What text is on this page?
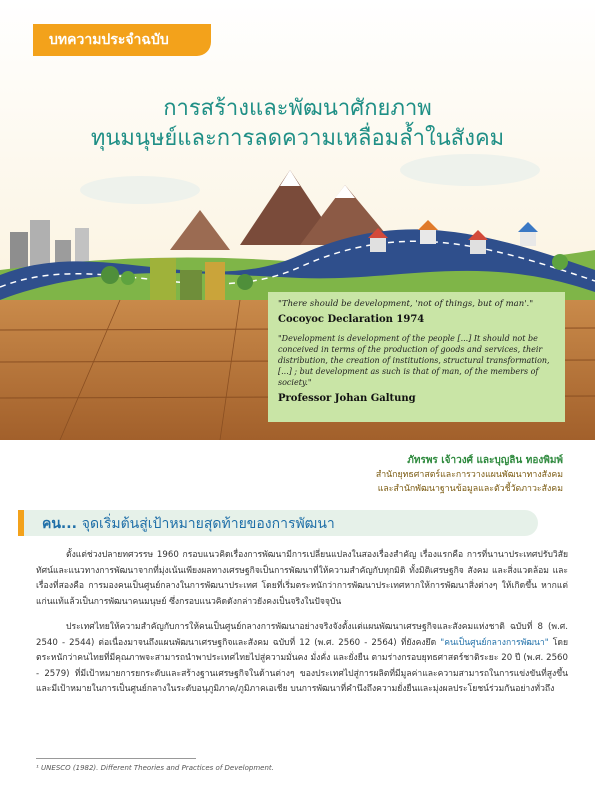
บทความประจำฉบับ
การสร้างและพัฒนาศักยภาพ
ทุนมนุษย์และการลดความเหลื่อมล้ำในสังคม

"There should be development, 'not of things, but of man'."

Cocoyoc Declaration 1974

"Development is development of the people [...] It should not be conceived in terms of the production of goods and services, their distribution, the creation of institutions, structural transformation, [...] ; but development as such is that of man, of the members of society."

Professor Johan Galtung

ภัทรพร เจ้าวงศ์ และบุญลิน ทองพิมพ์
สำนักยุทธศาสตร์และการวางแผนพัฒนาทางสังคม
และสำนักพัฒนาฐานข้อมูลและตัวชี้วัดภาวะสังคม
คน... จุดเริ่มต้นสู่เป้าหมายสุดท้ายของการพัฒนา

ตั้งแต่ช่วงปลายทศวรรษ 1960 กรอบแนวคิดเรื่องการพัฒนามีการเปลี่ยนแปลงในสองเรื่องสำคัญ เรื่องแรกคือ การที่นานาประเทศปรับวิสัยทัศน์และแนวทางการพัฒนาจากที่มุ่งเน้นเพียงผลทางเศรษฐกิจเป็นการพัฒนาที่ให้ความสำคัญกับทุกมิติ ทั้งมิติเศรษฐกิจ สังคม และสิ่งแวดล้อม และเรื่องที่สองคือ การมองคนเป็นศูนย์กลางในการพัฒนาประเทศ โดยที่เริ่มตระหนักว่าการพัฒนาประเทศหากให้การพัฒนาสิ่งต่างๆ ให้เกิดขึ้น หากแต่แก่นแท้แล้วเป็นการพัฒนาคนมนุษย์ ซึ่งกรอบแนวคิดดังกล่าวยังคงเป็นจริงในปัจจุบัน

ประเทศไทยให้ความสำคัญกับการให้คนเป็นศูนย์กลางการพัฒนาอย่างจริงจังตั้งแต่แผนพัฒนาเศรษฐกิจและสังคมแห่งชาติ ฉบับที่ 8 (พ.ศ. 2540 - 2544) ต่อเนื่องมาจนถึงแผนพัฒนาเศรษฐกิจและสังคม ฉบับที่ 12 (พ.ศ. 2560 - 2564) ที่ยังคงยึด "คนเป็นศูนย์กลางการพัฒนา" โดยตระหนักว่าคนไทยที่มีคุณภาพจะสามารถนำพาประเทศไทยไปสู่ความมั่นคง มั่งคั่ง และยั่งยืน ตามร่างกรอบยุทธศาสตร์ชาติระยะ 20 ปี (พ.ศ. 2560 - 2579) ที่มีเป้าหมายการยกระดับและสร้างฐานเศรษฐกิจในด้านต่างๆ ของประเทศไปสู่การผลิตที่มีมูลค่าและความสามารถในการแข่งขันที่สูงขึ้น และมีเป้าหมายในการเป็นศูนย์กลางในระดับอนุภูมิภาค/ภูมิภาคเอเชีย บนการพัฒนาที่คำนึงถึงความยั่งยืนและมุ่งผลประโยชน์ร่วมกันอย่างทั่วถึง

¹ UNESCO (1982). Different Theories and Practices of Development.
